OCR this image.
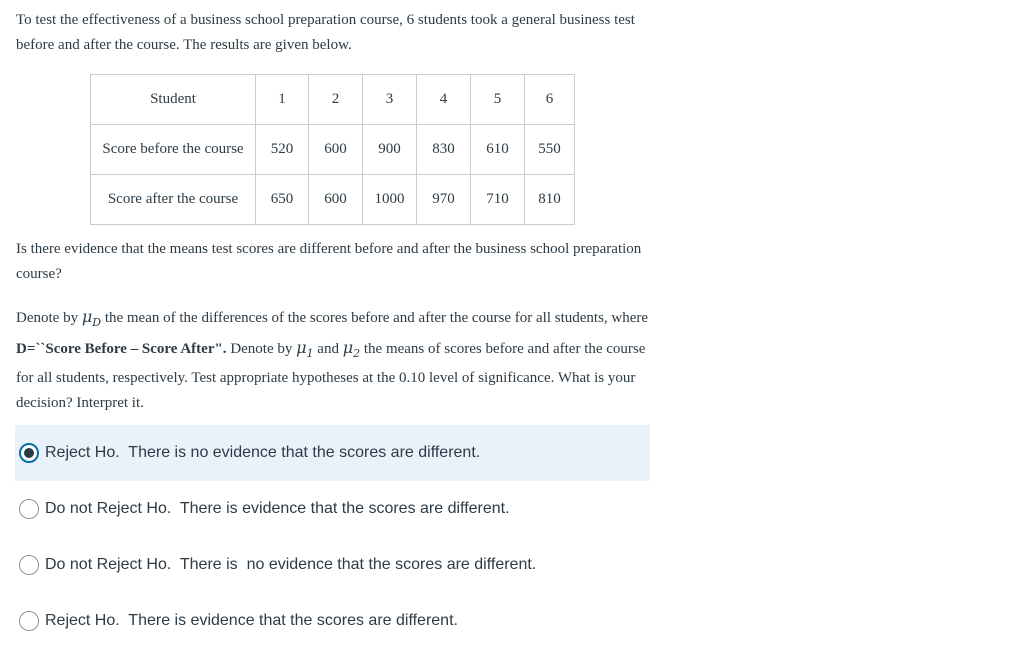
To test the effectiveness of a business school preparation course, 6 students took a general business test before and after the course. The results are given below.

Student	1	2	3	4	5	6
Score before the course	520	600	900	830	610	550
Score after the course	650	600	1000	970	710	810

Is there evidence that the means test scores are different before and after the business school preparation course?

Denote by $\mu_D$ the mean of the differences of the scores before and after the course for all students, where D=``Score Before – Score After". Denote by $\mu_1$ and $\mu_2$ the means of scores before and after the course for all students, respectively. Test appropriate hypotheses at the 0.10 level of significance. What is your decision? Interpret it.

Reject Ho.  There is no evidence that the scores are different.
Do not Reject Ho.  There is evidence that the scores are different.
Do not Reject Ho.  There is  no evidence that the scores are different.
Reject Ho.  There is evidence that the scores are different.
